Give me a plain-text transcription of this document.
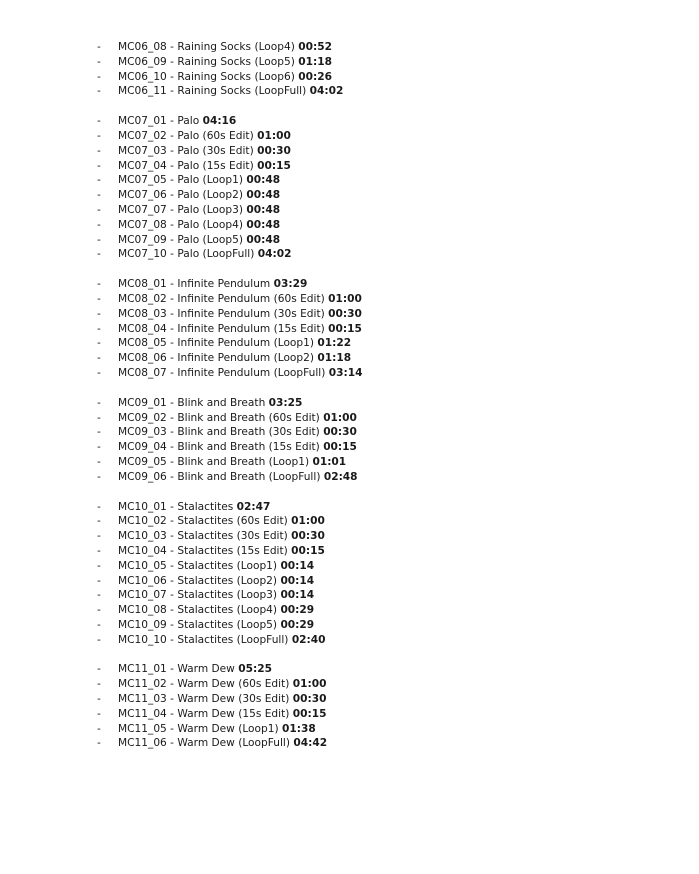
- MC06_08 - Raining Socks (Loop4) 00:52
- MC06_09 - Raining Socks (Loop5) 01:18
- MC06_10 - Raining Socks (Loop6) 00:26
- MC06_11 - Raining Socks (LoopFull) 04:02
- MC07_01 - Palo 04:16
- MC07_02 - Palo (60s Edit) 01:00
- MC07_03 - Palo (30s Edit) 00:30
- MC07_04 - Palo (15s Edit) 00:15
- MC07_05 - Palo (Loop1) 00:48
- MC07_06 - Palo (Loop2) 00:48
- MC07_07 - Palo (Loop3) 00:48
- MC07_08 - Palo (Loop4) 00:48
- MC07_09 - Palo (Loop5) 00:48
- MC07_10 - Palo (LoopFull) 04:02
- MC08_01 - Infinite Pendulum 03:29
- MC08_02 - Infinite Pendulum (60s Edit) 01:00
- MC08_03 - Infinite Pendulum (30s Edit) 00:30
- MC08_04 - Infinite Pendulum (15s Edit) 00:15
- MC08_05 - Infinite Pendulum (Loop1) 01:22
- MC08_06 - Infinite Pendulum (Loop2) 01:18
- MC08_07 - Infinite Pendulum (LoopFull) 03:14
- MC09_01 - Blink and Breath 03:25
- MC09_02 - Blink and Breath (60s Edit) 01:00
- MC09_03 - Blink and Breath (30s Edit) 00:30
- MC09_04 - Blink and Breath (15s Edit) 00:15
- MC09_05 - Blink and Breath (Loop1) 01:01
- MC09_06 - Blink and Breath (LoopFull) 02:48
- MC10_01 - Stalactites 02:47
- MC10_02 - Stalactites (60s Edit) 01:00
- MC10_03 - Stalactites (30s Edit) 00:30
- MC10_04 - Stalactites (15s Edit) 00:15
- MC10_05 - Stalactites (Loop1) 00:14
- MC10_06 - Stalactites (Loop2) 00:14
- MC10_07 - Stalactites (Loop3) 00:14
- MC10_08 - Stalactites (Loop4) 00:29
- MC10_09 - Stalactites (Loop5) 00:29
- MC10_10 - Stalactites (LoopFull) 02:40
- MC11_01 - Warm Dew 05:25
- MC11_02 - Warm Dew (60s Edit) 01:00
- MC11_03 - Warm Dew (30s Edit) 00:30
- MC11_04 - Warm Dew (15s Edit) 00:15
- MC11_05 - Warm Dew (Loop1) 01:38
- MC11_06 - Warm Dew (LoopFull) 04:42
